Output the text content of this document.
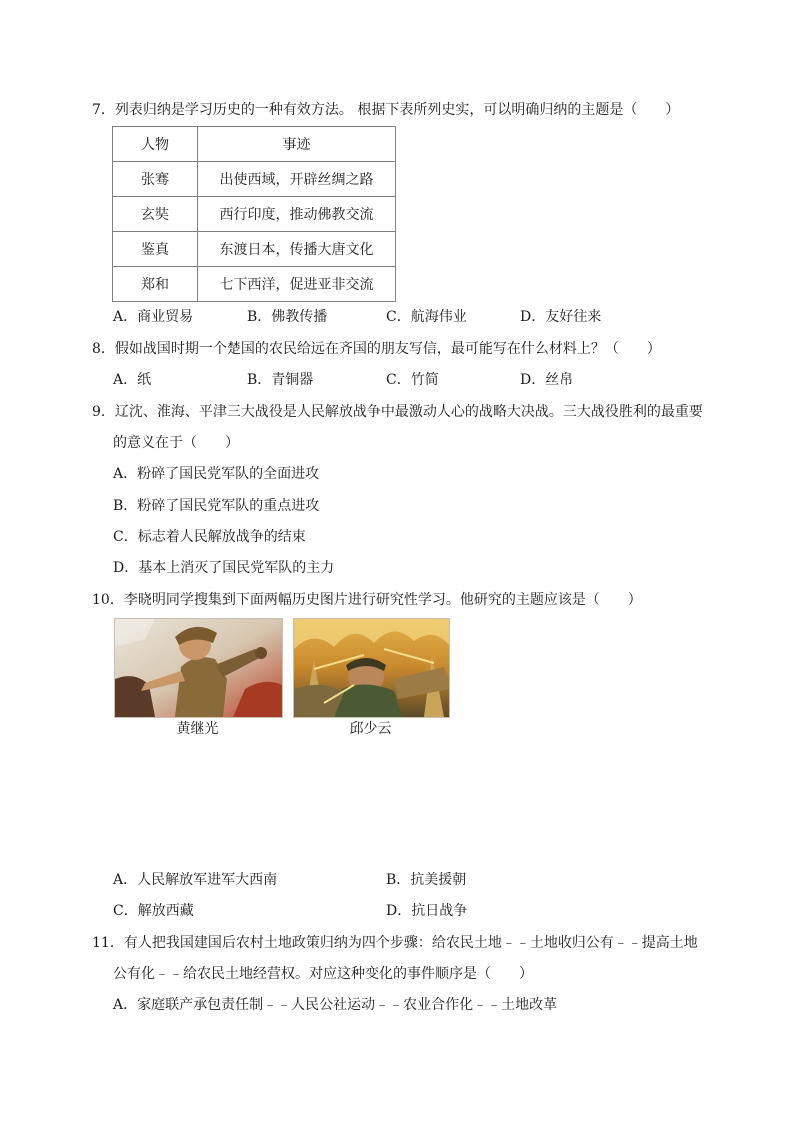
7．列表归纳是学习历史的一种有效方法。 根据下表所列史实，可以明确归纳的主题是（　　）
人物	事迹
张骞	出使西域，开辟丝绸之路
玄奘	西行印度，推动佛教交流
鉴真	东渡日本，传播大唐文化
郑和	七下西洋，促进亚非交流
A．商业贸易	B．佛教传播	C．航海伟业	D．友好往来
8．假如战国时期一个楚国的农民给远在齐国的朋友写信，最可能写在什么材料上？（　　）
A．纸	B．青铜器	C．竹简	D．丝帛
9．辽沈、淮海、平津三大战役是人民解放战争中最激动人心的战略大决战。三大战役胜利的最重要
的意义在于（　　）
A．粉碎了国民党军队的全面进攻
B．粉碎了国民党军队的重点进攻
C．标志着人民解放战争的结束
D．基本上消灭了国民党军队的主力
10．李晓明同学搜集到下面两幅历史图片进行研究性学习。他研究的主题应该是（　　）
黄继光	邱少云
A．人民解放军进军大西南	B．抗美援朝
C．解放西藏	D．抗日战争
11．有人把我国建国后农村土地政策归纳为四个步骤：给农民土地﹣﹣土地收归公有﹣﹣提高土地
公有化﹣﹣给农民土地经营权。对应这种变化的事件顺序是（　　）
A．家庭联产承包责任制﹣﹣人民公社运动﹣﹣农业合作化﹣﹣土地改革
